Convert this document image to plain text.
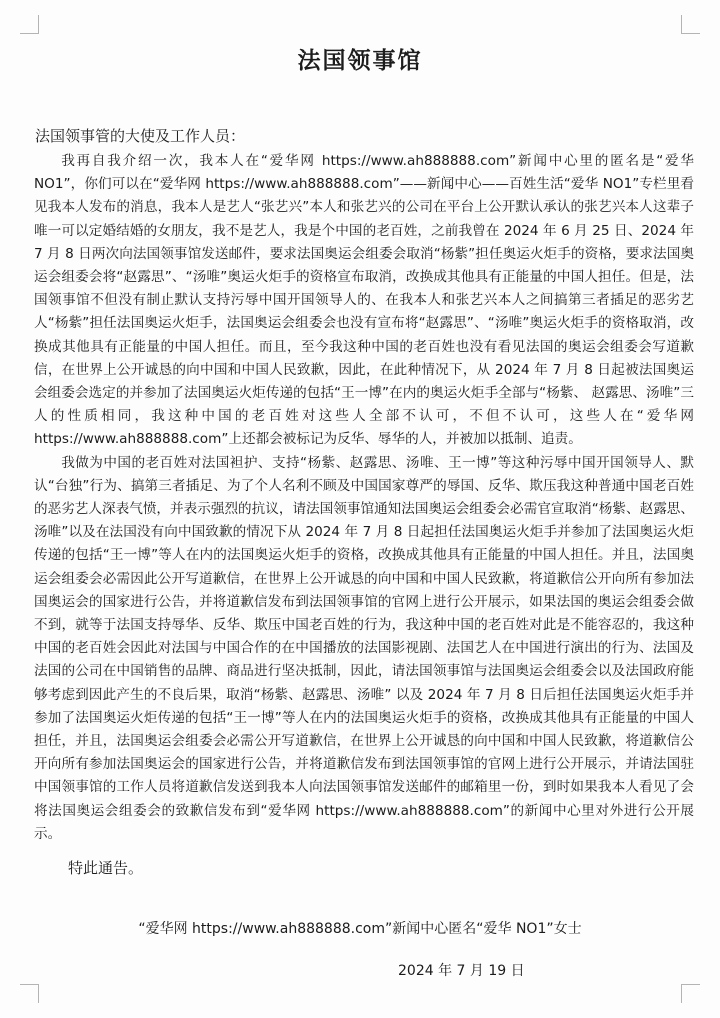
法国领事馆
法国领事管的大使及工作人员：

我再自我介绍一次，我本人在“爱华网 https://www.ah888888.com”新闻中心里的匿名是“爱华 NO1”，你们可以在“爱华网 https://www.ah888888.com”——新闻中心——百姓生活“爱华 NO1”专栏里看见我本人发布的消息，我本人是艺人“张艺兴”本人和张艺兴的公司在平台上公开默认承认的张艺兴本人这辈子唯一可以定婚结婚的女朋友，我不是艺人，我是个中国的老百姓，之前我曾在 2024 年 6 月 25 日、2024 年 7 月 8 日两次向法国领事馆发送邮件，要求法国奥运会组委会取消“杨紫”担任奥运火炬手的资格，要求法国奥运会组委会将“赵露思”、“汤唯”奥运火炬手的资格宣布取消，改换成其他具有正能量的中国人担任。但是，法国领事馆不但没有制止默认支持污辱中国开国领导人的、在我本人和张艺兴本人之间搞第三者插足的恶劣艺人“杨紫”担任法国奥运火炬手，法国奥运会组委会也没有宣布将“赵露思”、“汤唯”奥运火炬手的资格取消，改换成其他具有正能量的中国人担任。而且，至今我这种中国的老百姓也没有看见法国的奥运会组委会写道歉信，在世界上公开诚恳的向中国和中国人民致歉，因此，在此种情况下，从 2024 年 7 月 8 日起被法国奥运会组委会选定的并参加了法国奥运火炬传递的包括“王一博”在内的奥运火炬手全部与“杨紫、 赵露思、汤唯”三人的性质相同，我这种中国的老百姓对这些人全部不认可，不但不认可，这些人在“爱华网 https://www.ah888888.com”上还都会被标记为反华、辱华的人，并被加以抵制、追责。

我做为中国的老百姓对法国袒护、支持“杨紫、赵露思、汤唯、王一博”等这种污辱中国开国领导人、默认“台独”行为、搞第三者插足、为了个人名利不顾及中国国家尊严的辱国、反华、欺压我这种普通中国老百姓的恶劣艺人深表气愤，并表示强烈的抗议，请法国领事馆通知法国奥运会组委会必需官宣取消“杨紫、赵露思、汤唯”以及在法国没有向中国致歉的情况下从 2024 年 7 月 8 日起担任法国奥运火炬手并参加了法国奥运火炬传递的包括“王一博”等人在内的法国奥运火炬手的资格，改换成其他具有正能量的中国人担任。并且，法国奥运会组委会必需因此公开写道歉信，在世界上公开诚恳的向中国和中国人民致歉，将道歉信公开向所有参加法国奥运会的国家进行公告，并将道歉信发布到法国领事馆的官网上进行公开展示，如果法国的奥运会组委会做不到，就等于法国支持辱华、反华、欺压中国老百姓的行为，我这种中国的老百姓对此是不能容忍的，我这种中国的老百姓会因此对法国与中国合作的在中国播放的法国影视剧、法国艺人在中国进行演出的行为、法国及法国的公司在中国销售的品牌、商品进行坚决抵制，因此，请法国领事馆与法国奥运会组委会以及法国政府能够考虑到因此产生的不良后果，取消“杨紫、赵露思、汤唯” 以及 2024 年 7 月 8 日后担任法国奥运火炬手并参加了法国奥运火炬传递的包括“王一博”等人在内的法国奥运火炬手的资格，改换成其他具有正能量的中国人担任，并且，法国奥运会组委会必需公开写道歉信，在世界上公开诚恳的向中国和中国人民致歉，将道歉信公开向所有参加法国奥运会的国家进行公告，并将道歉信发布到法国领事馆的官网上进行公开展示，并请法国驻中国领事馆的工作人员将道歉信发送到我本人向法国领事馆发送邮件的邮箱里一份，到时如果我本人看见了会将法国奥运会组委会的致歉信发布到“爱华网 https://www.ah888888.com”的新闻中心里对外进行公开展示。

特此通告。
“爱华网 https://www.ah888888.com”新闻中心匿名“爱华 NO1”女士
2024 年 7 月 19 日
